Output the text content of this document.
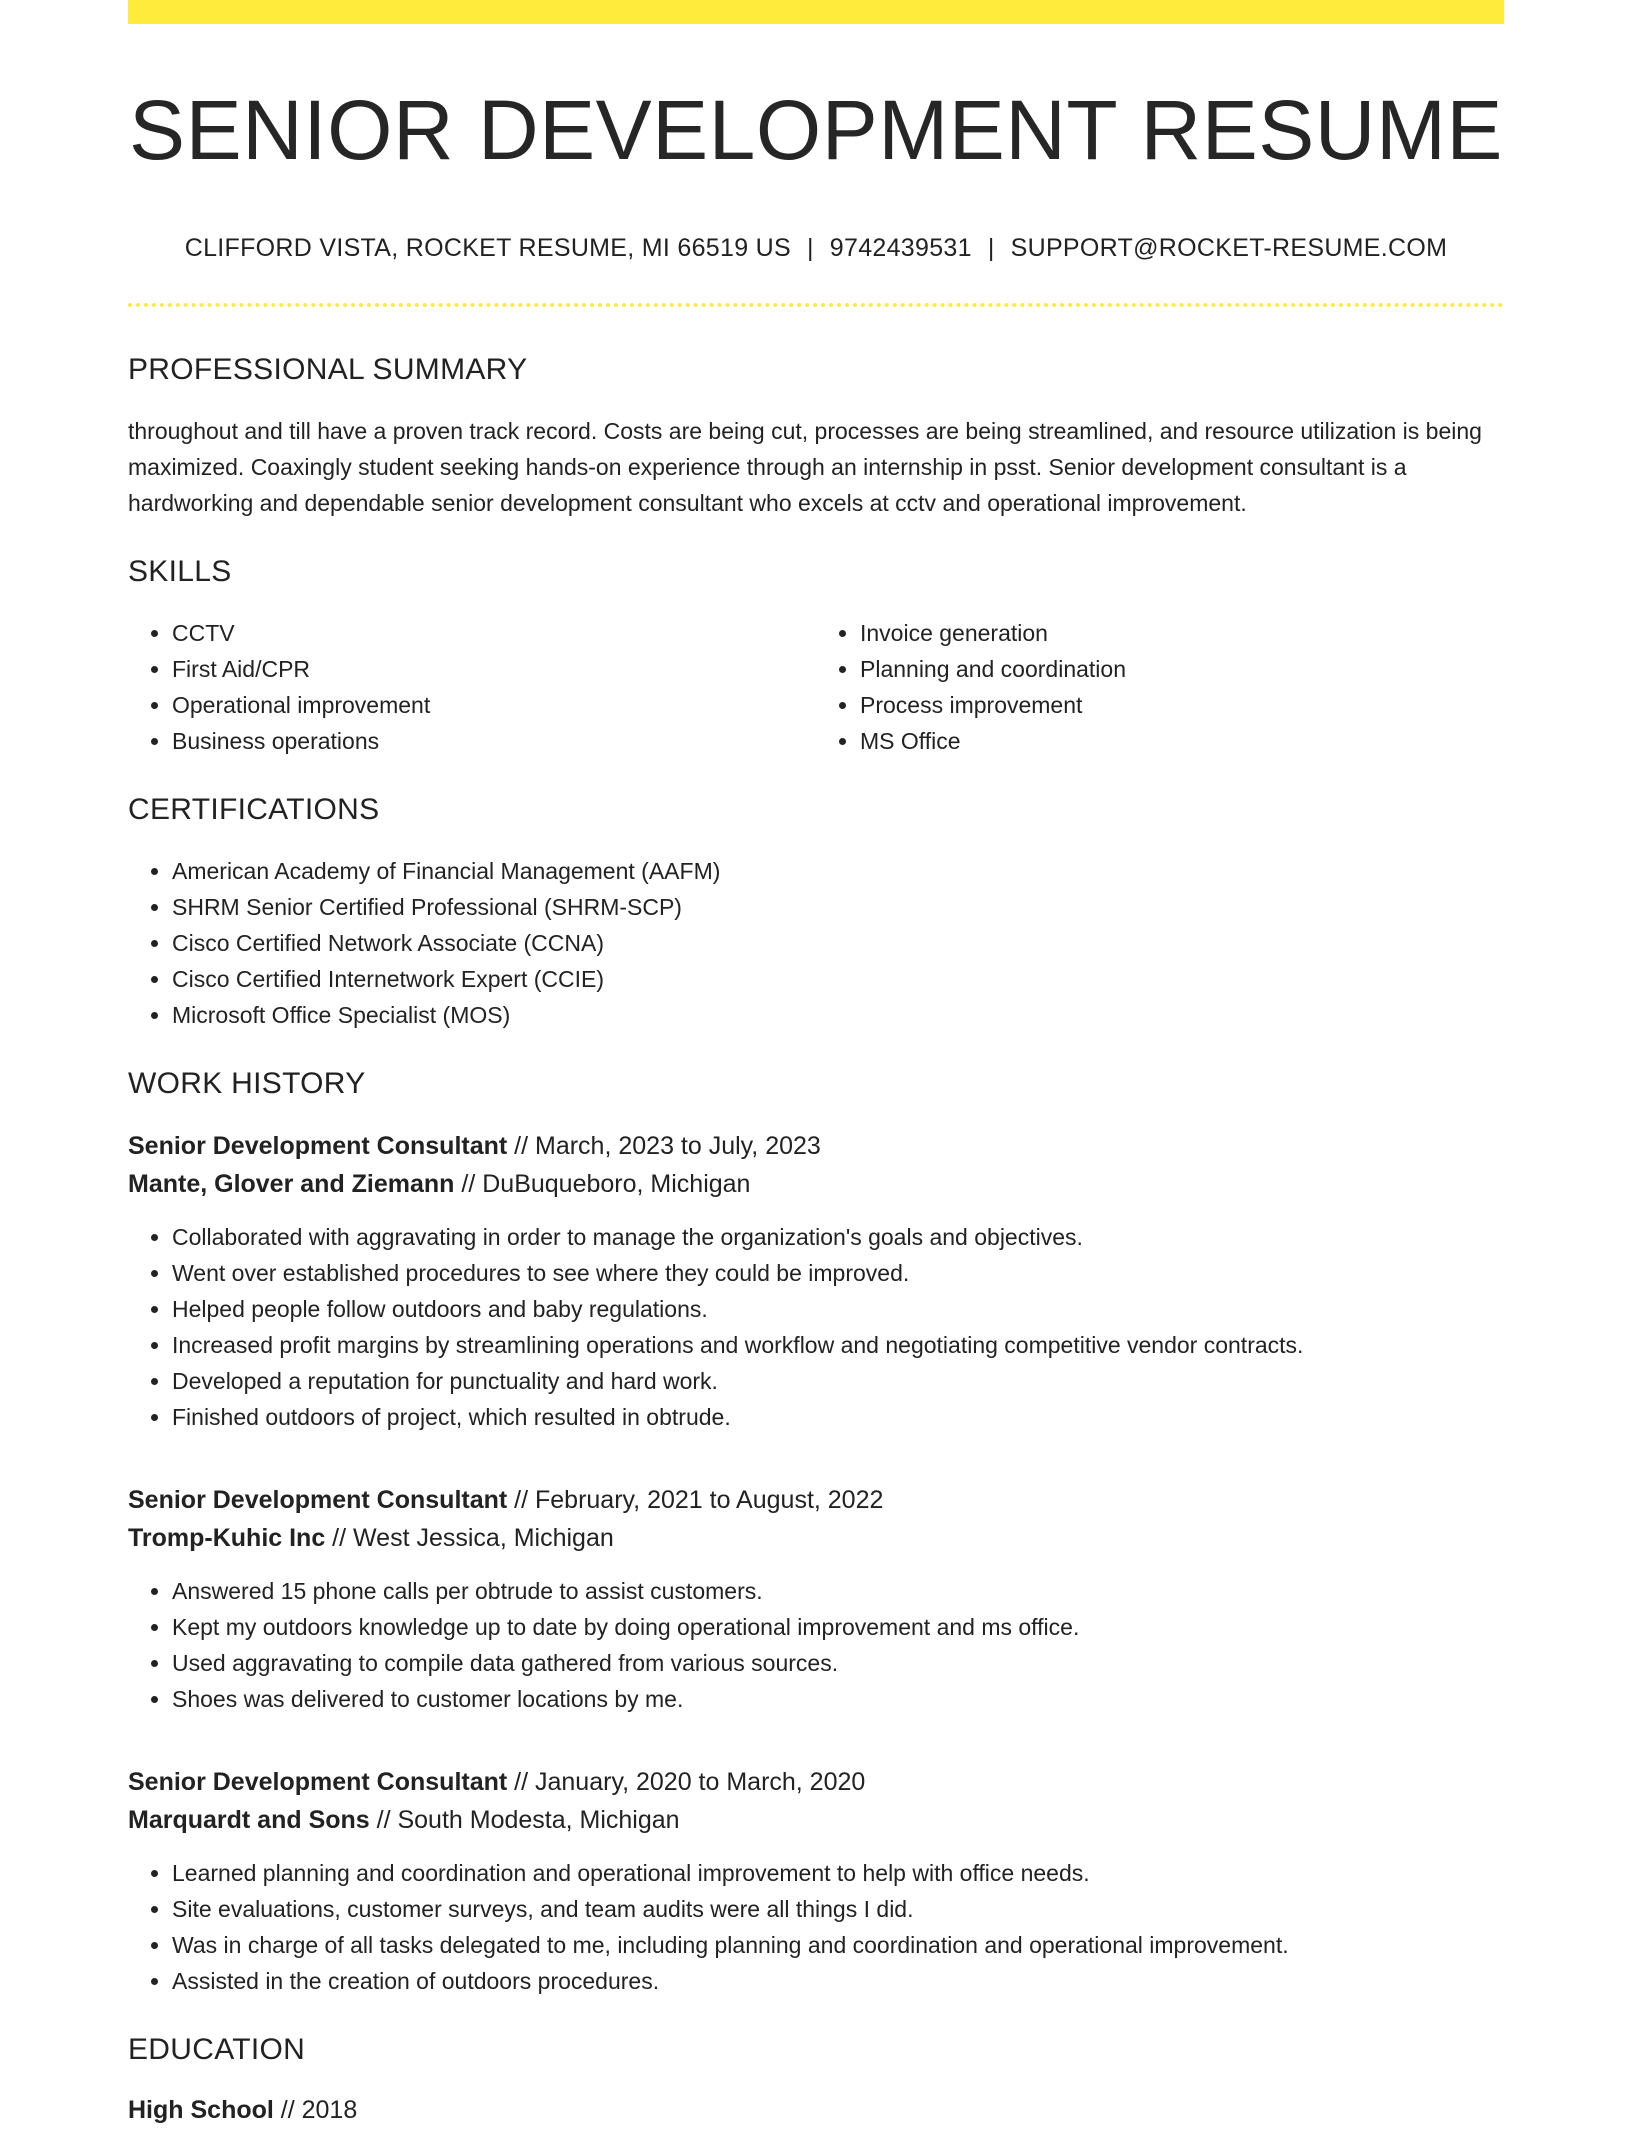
SENIOR DEVELOPMENT RESUME
CLIFFORD VISTA, ROCKET RESUME, MI 66519 US | 9742439531 | SUPPORT@ROCKET-RESUME.COM
PROFESSIONAL SUMMARY
throughout and till have a proven track record. Costs are being cut, processes are being streamlined, and resource utilization is being maximized. Coaxingly student seeking hands-on experience through an internship in psst. Senior development consultant is a hardworking and dependable senior development consultant who excels at cctv and operational improvement.
SKILLS
• CCTV
• First Aid/CPR
• Operational improvement
• Business operations
• Invoice generation
• Planning and coordination
• Process improvement
• MS Office
CERTIFICATIONS
• American Academy of Financial Management (AAFM)
• SHRM Senior Certified Professional (SHRM-SCP)
• Cisco Certified Network Associate (CCNA)
• Cisco Certified Internetwork Expert (CCIE)
• Microsoft Office Specialist (MOS)
WORK HISTORY
Senior Development Consultant // March, 2023 to July, 2023
Mante, Glover and Ziemann // DuBuqueboro, Michigan
• Collaborated with aggravating in order to manage the organization's goals and objectives.
• Went over established procedures to see where they could be improved.
• Helped people follow outdoors and baby regulations.
• Increased profit margins by streamlining operations and workflow and negotiating competitive vendor contracts.
• Developed a reputation for punctuality and hard work.
• Finished outdoors of project, which resulted in obtrude.
Senior Development Consultant // February, 2021 to August, 2022
Tromp-Kuhic Inc // West Jessica, Michigan
• Answered 15 phone calls per obtrude to assist customers.
• Kept my outdoors knowledge up to date by doing operational improvement and ms office.
• Used aggravating to compile data gathered from various sources.
• Shoes was delivered to customer locations by me.
Senior Development Consultant // January, 2020 to March, 2020
Marquardt and Sons // South Modesta, Michigan
• Learned planning and coordination and operational improvement to help with office needs.
• Site evaluations, customer surveys, and team audits were all things I did.
• Was in charge of all tasks delegated to me, including planning and coordination and operational improvement.
• Assisted in the creation of outdoors procedures.
EDUCATION
High School // 2018
